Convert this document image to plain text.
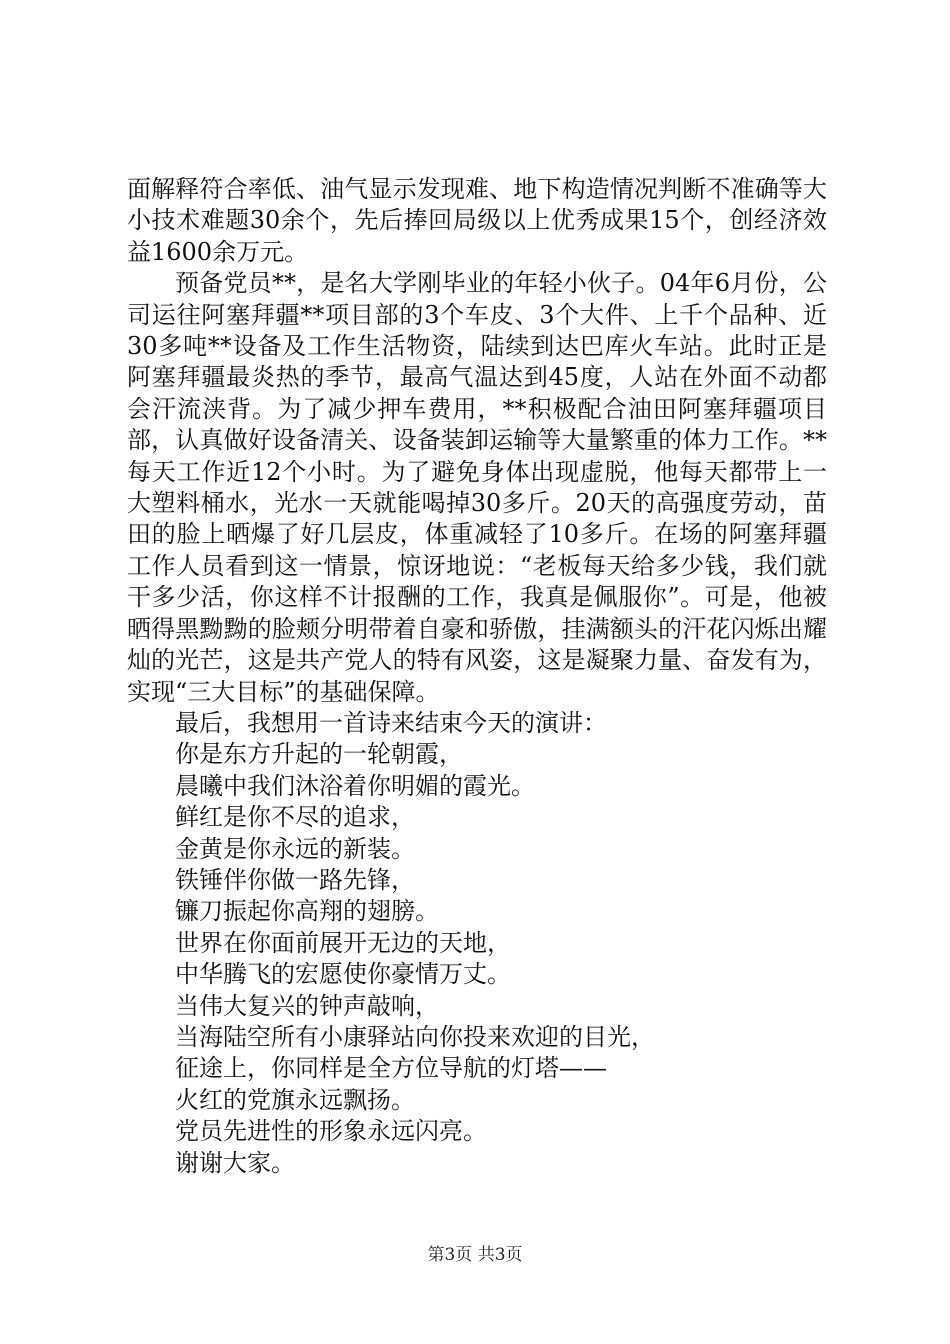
面解释符合率低、油气显示发现难、地下构造情况判断不准确等大小技术难题30余个，先后捧回局级以上优秀成果15个，创经济效益1600余万元。

预备党员**，是名大学刚毕业的年轻小伙子。04年6月份，公司运往阿塞拜疆**项目部的3个车皮、3个大件、上千个品种、近30多吨**设备及工作生活物资，陆续到达巴库火车站。此时正是阿塞拜疆最炎热的季节，最高气温达到45度，人站在外面不动都会汗流浃背。为了减少押车费用，**积极配合油田阿塞拜疆项目部，认真做好设备清关、设备装卸运输等大量繁重的体力工作。**每天工作近12个小时。为了避免身体出现虚脱，他每天都带上一大塑料桶水，光水一天就能喝掉30多斤。20天的高强度劳动，苗田的脸上晒爆了好几层皮，体重减轻了10多斤。在场的阿塞拜疆工作人员看到这一情景，惊讶地说：“老板每天给多少钱，我们就干多少活，你这样不计报酬的工作，我真是佩服你”。可是，他被晒得黑黝黝的脸颊分明带着自豪和骄傲，挂满额头的汗花闪烁出耀灿的光芒，这是共产党人的特有风姿，这是凝聚力量、奋发有为，实现“三大目标”的基础保障。

最后，我想用一首诗来结束今天的演讲：

你是东方升起的一轮朝霞，

晨曦中我们沐浴着你明媚的霞光。

鲜红是你不尽的追求，

金黄是你永远的新装。

铁锤伴你做一路先锋，

镰刀振起你高翔的翅膀。

世界在你面前展开无边的天地，

中华腾飞的宏愿使你豪情万丈。

当伟大复兴的钟声敲响，

当海陆空所有小康驿站向你投来欢迎的目光，

征途上，你同样是全方位导航的灯塔——

火红的党旗永远飘扬。

党员先进性的形象永远闪亮。

谢谢大家。

第3页 共3页
